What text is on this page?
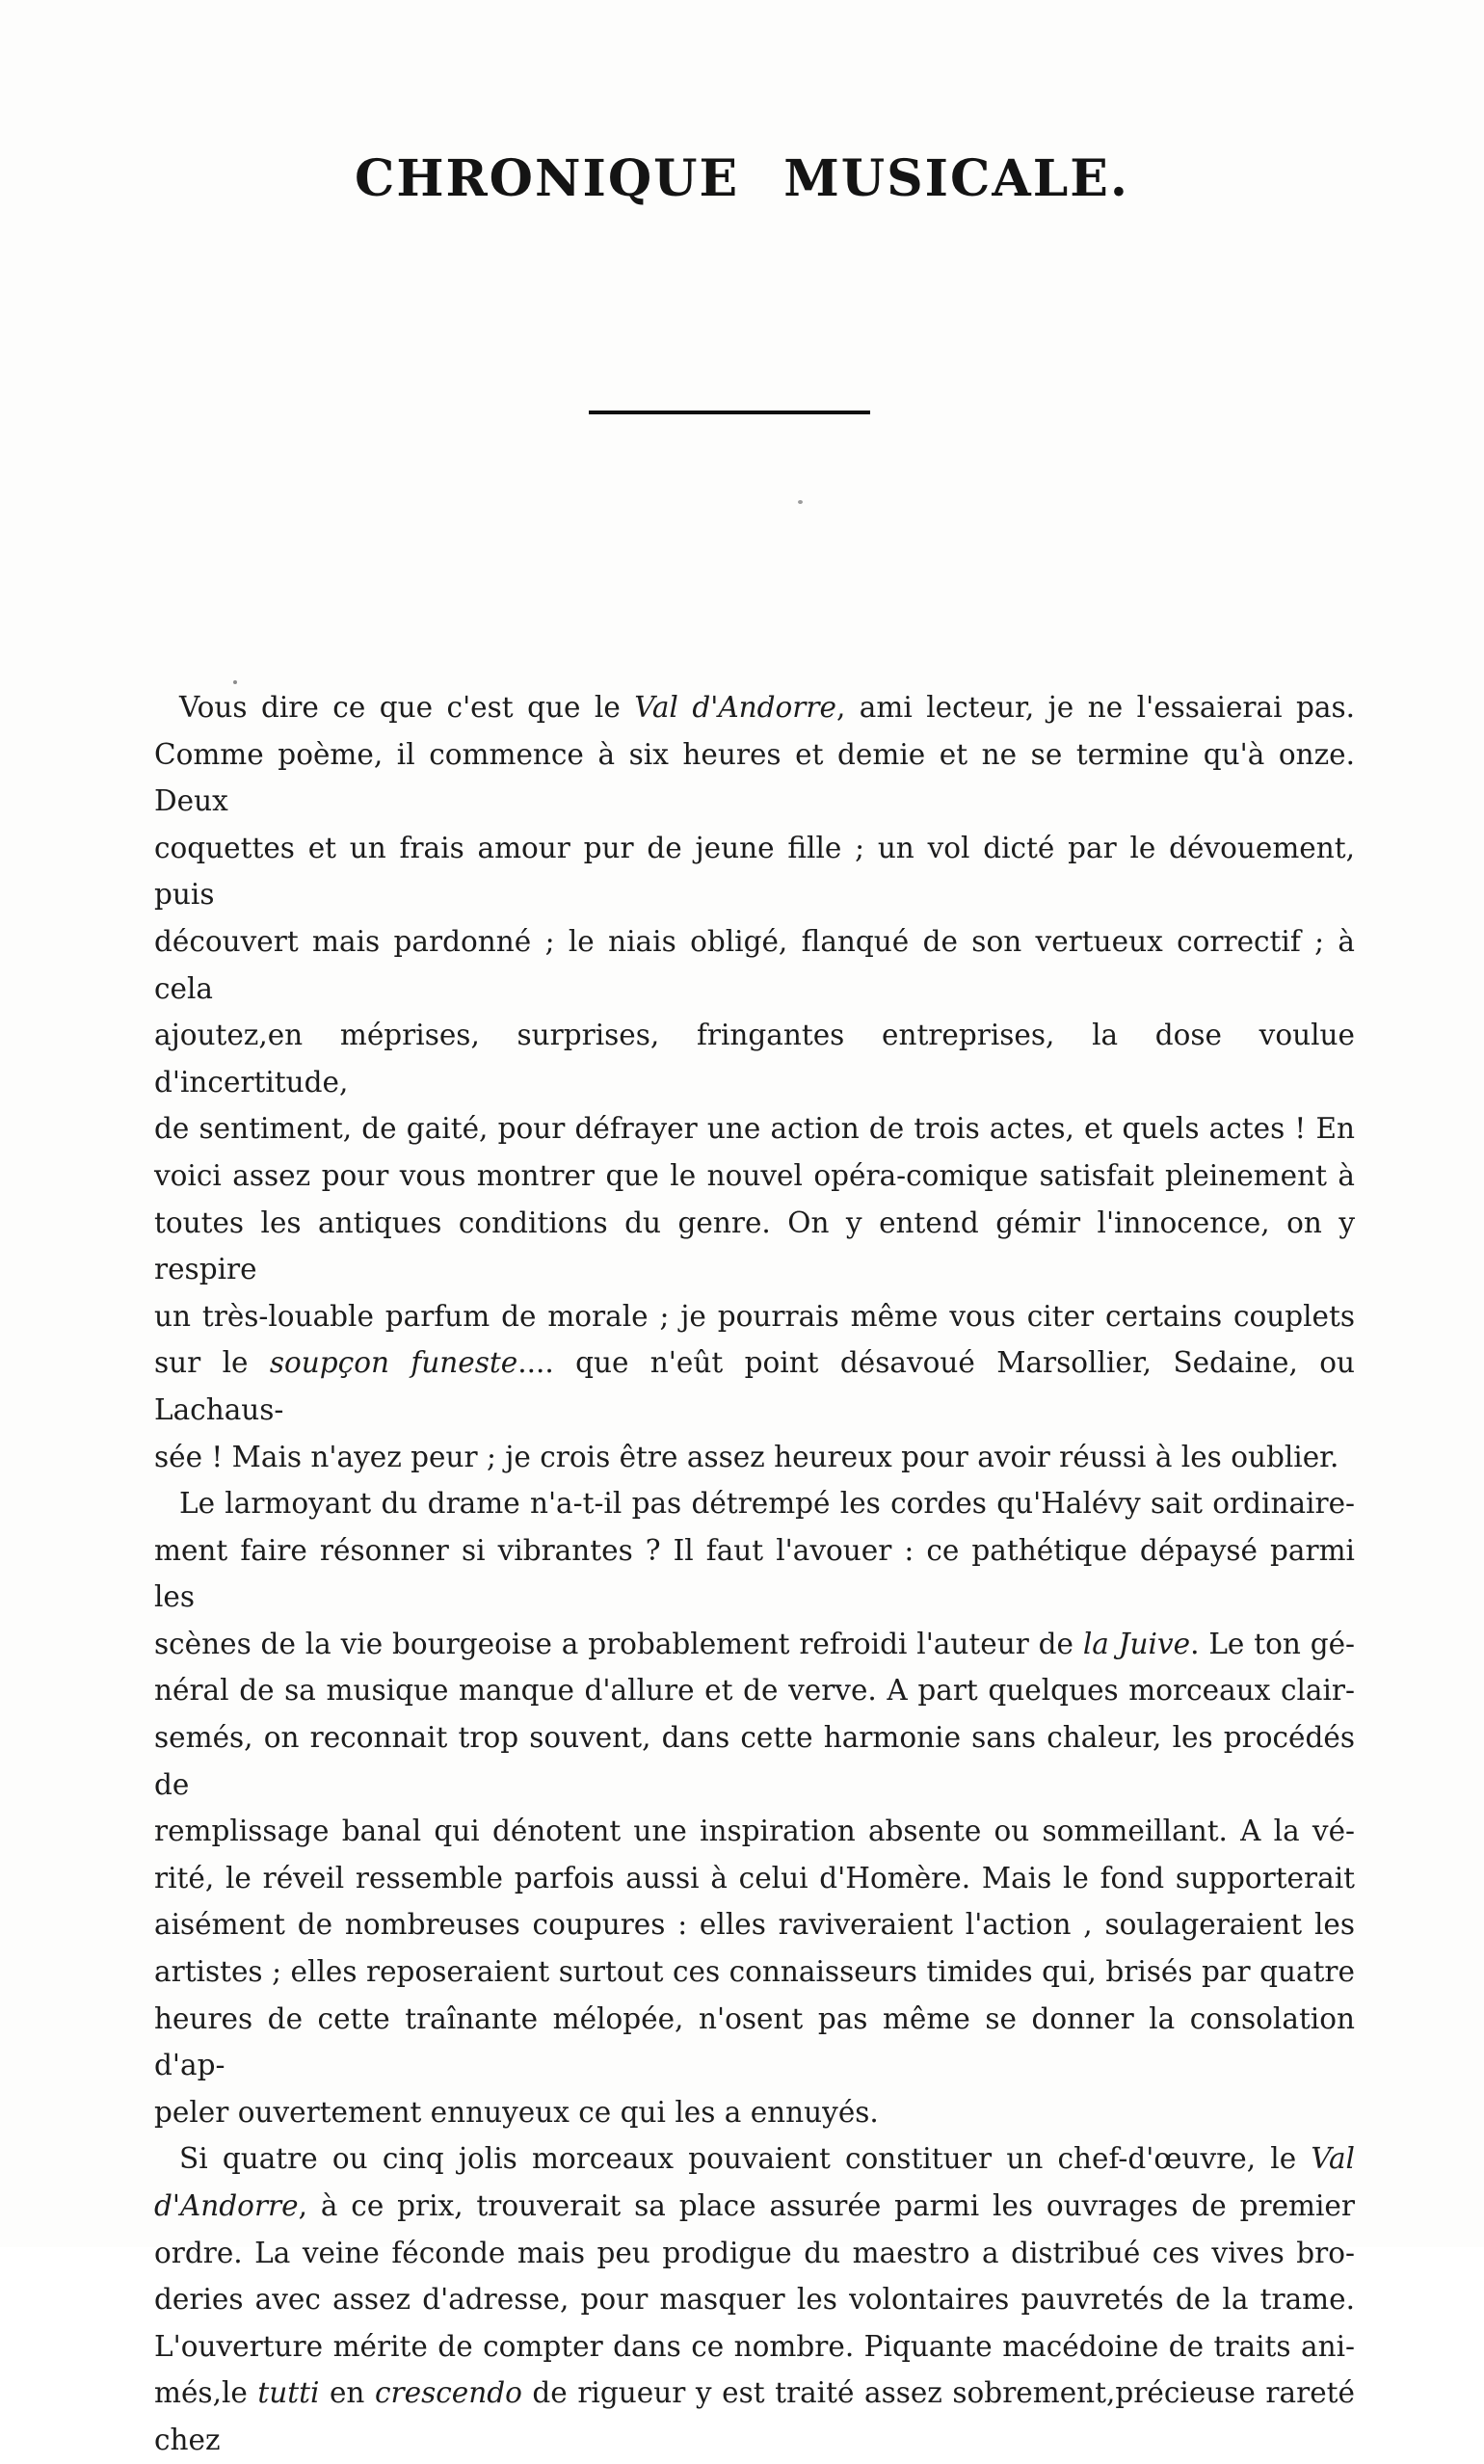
CHRONIQUE MUSICALE.
Vous dire ce que c'est que le Val d'Andorre, ami lecteur, je ne l'essaierai pas.
Comme poème, il commence à six heures et demie et ne se termine qu'à onze. Deux
coquettes et un frais amour pur de jeune fille ; un vol dicté par le dévouement, puis
découvert mais pardonné ; le niais obligé, flanqué de son vertueux correctif ; à cela
ajoutez,en méprises, surprises, fringantes entreprises, la dose voulue d'incertitude,
de sentiment, de gaité, pour défrayer une action de trois actes, et quels actes ! En
voici assez pour vous montrer que le nouvel opéra-comique satisfait pleinement à
toutes les antiques conditions du genre. On y entend gémir l'innocence, on y respire
un très-louable parfum de morale ; je pourrais même vous citer certains couplets
sur le soupçon funeste.... que n'eût point désavoué Marsollier, Sedaine, ou Lachaus-
sée ! Mais n'ayez peur ; je crois être assez heureux pour avoir réussi à les oublier.
Le larmoyant du drame n'a-t-il pas détrempé les cordes qu'Halévy sait ordinaire-
ment faire résonner si vibrantes ? Il faut l'avouer : ce pathétique dépaysé parmi les
scènes de la vie bourgeoise a probablement refroidi l'auteur de la Juive. Le ton gé-
néral de sa musique manque d'allure et de verve. A part quelques morceaux clair-
semés, on reconnait trop souvent, dans cette harmonie sans chaleur, les procédés de
remplissage banal qui dénotent une inspiration absente ou sommeillant. A la vé-
rité, le réveil ressemble parfois aussi à celui d'Homère. Mais le fond supporterait
aisément de nombreuses coupures : elles raviveraient l'action , soulageraient les
artistes ; elles reposeraient surtout ces connaisseurs timides qui, brisés par quatre
heures de cette traînante mélopée, n'osent pas même se donner la consolation d'ap-
peler ouvertement ennuyeux ce qui les a ennuyés.
Si quatre ou cinq jolis morceaux pouvaient constituer un chef-d'œuvre, le Val
d'Andorre, à ce prix, trouverait sa place assurée parmi les ouvrages de premier
ordre. La veine féconde mais peu prodigue du maestro a distribué ces vives bro-
deries avec assez d'adresse, pour masquer les volontaires pauvretés de la trame.
L'ouverture mérite de compter dans ce nombre. Piquante macédoine de traits ani-
més,le tutti en crescendo de rigueur y est traité assez sobrement,précieuse rareté chez
